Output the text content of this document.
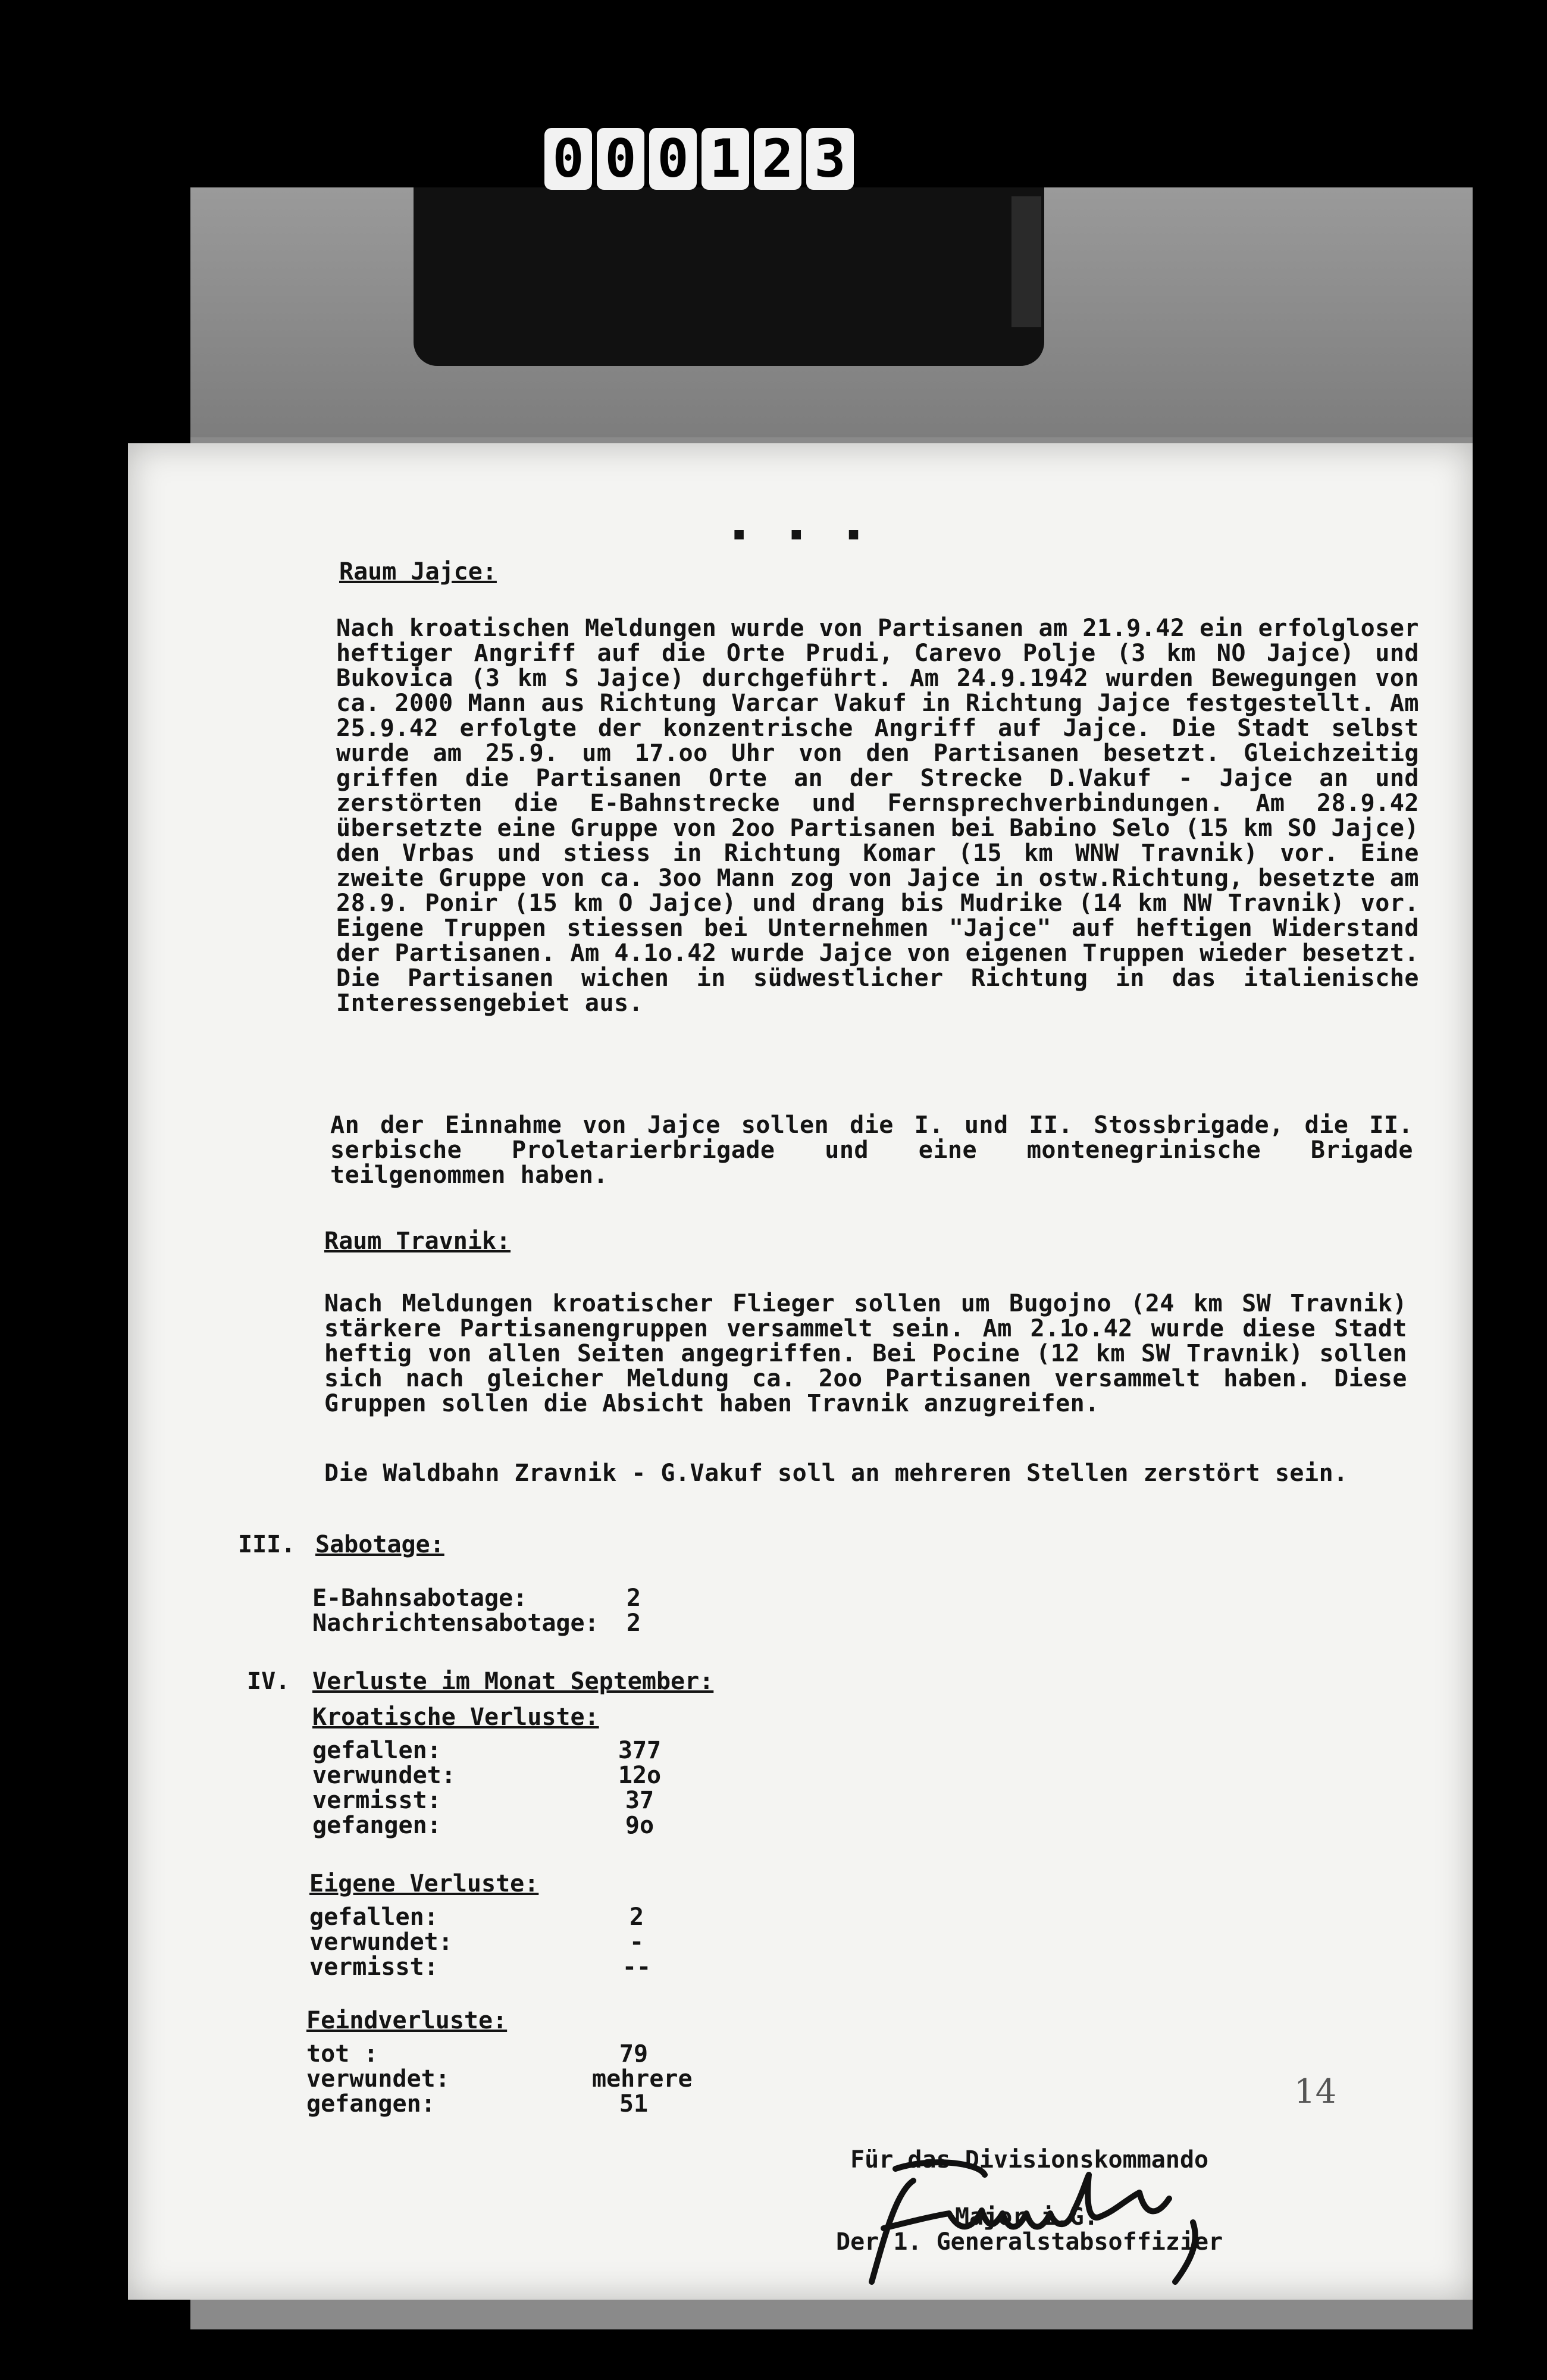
0 0 0 1 2 3
▪ ▪ ▪
Raum Jajce:
Nach kroatischen Meldungen wurde von Partisanen am 21.9.42 ein erfolgloser heftiger Angriff auf die Orte Prudi, Carevo Polje (3 km NO Jajce) und Bukovica (3 km S Jajce) durchgeführt. Am 24.9.1942 wurden Bewegungen von ca. 2000 Mann aus Richtung Varcar Vakuf in Richtung Jajce festgestellt. Am 25.9.42 erfolgte der konzentrische Angriff auf Jajce. Die Stadt selbst wurde am 25.9. um 17.oo Uhr von den Partisanen besetzt. Gleichzeitig griffen die Partisanen Orte an der Strecke D.Vakuf - Jajce an und zerstörten die E-Bahnstrecke und Fernsprechverbindungen. Am 28.9.42 übersetzte eine Gruppe von 2oo Partisanen bei Babino Selo (15 km SO Jajce) den Vrbas und stiess in Richtung Komar (15 km WNW Travnik) vor. Eine zweite Gruppe von ca. 3oo Mann zog von Jajce in ostw.Richtung, besetzte am 28.9. Ponir (15 km O Jajce) und drang bis Mudrike (14 km NW Travnik) vor. Eigene Truppen stiessen bei Unternehmen "Jajce" auf heftigen Widerstand der Partisanen. Am 4.1o.42 wurde Jajce von eigenen Truppen wieder besetzt. Die Partisanen wichen in südwestlicher Richtung in das italienische Interessengebiet aus.
An der Einnahme von Jajce sollen die I. und II. Stossbrigade, die II. serbische Proletarierbrigade und eine montenegrinische Brigade teilgenommen haben.
Raum Travnik:
Nach Meldungen kroatischer Flieger sollen um Bugojno (24 km SW Travnik) stärkere Partisanengruppen versammelt sein. Am 2.1o.42 wurde diese Stadt heftig von allen Seiten angegriffen. Bei Pocine (12 km SW Travnik) sollen sich nach gleicher Meldung ca. 2oo Partisanen versammelt haben. Diese Gruppen sollen die Absicht haben Travnik anzugreifen.
Die Waldbahn Zravnik - G.Vakuf soll an mehreren Stellen zerstört sein.
III. Sabotage:
E-Bahnsabotage:	2
Nachrichtensabotage:	2
IV. Verluste im Monat September:
Kroatische Verluste:
gefallen:	377
verwundet:	12o
vermisst:	37
gefangen:	9o
Eigene Verluste:
gefallen:	2
verwundet:	-
vermisst:	--
Feindverluste:
tot :	79
verwundet:	mehrere
gefangen:	51

Für das Divisionskommando

Der 1. Generalstabsoffizier

14
Major i.G.
